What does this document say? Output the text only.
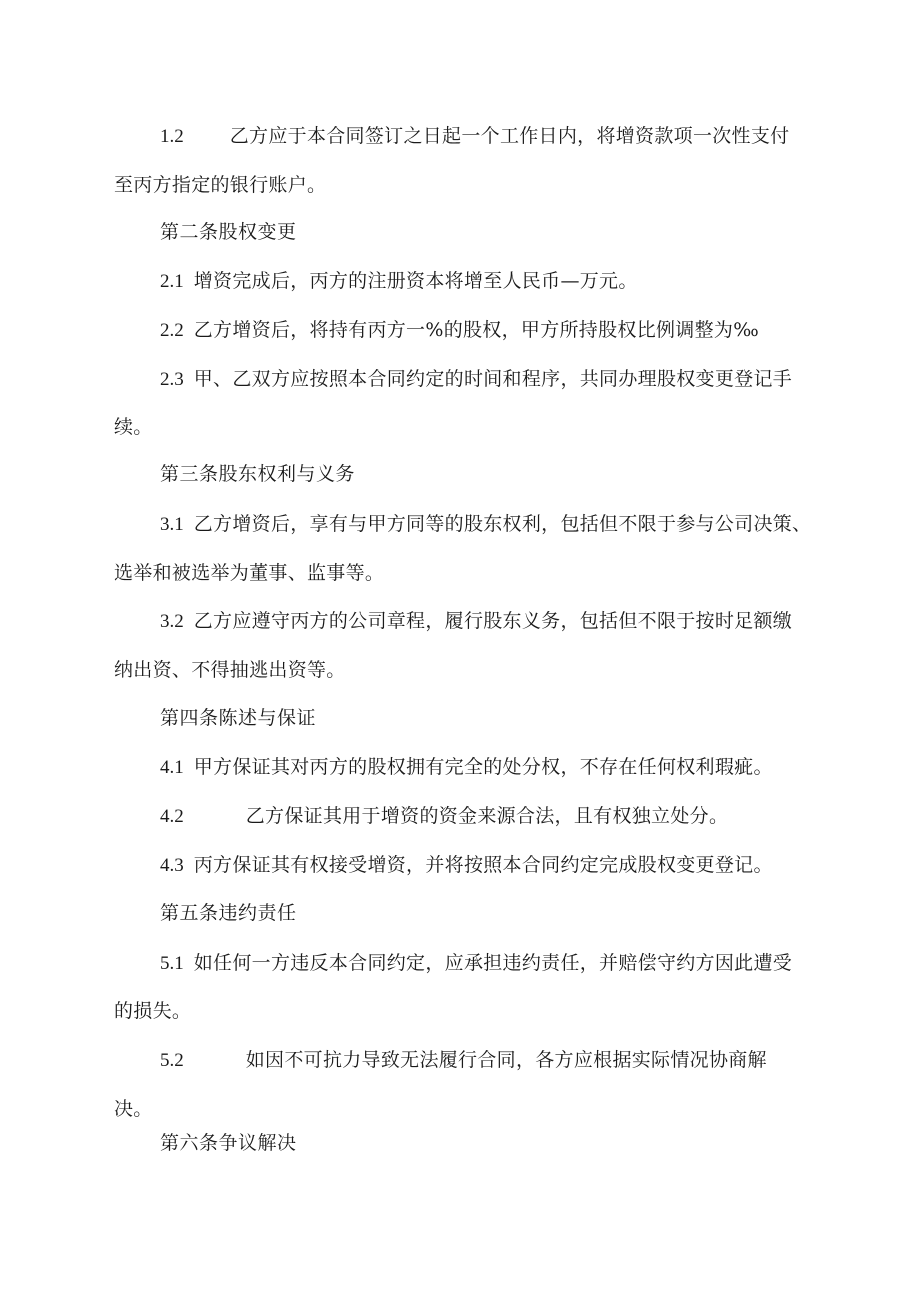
1.2 乙方应于本合同签订之日起一个工作日内，将增资款项一次性支付
至丙方指定的银行账户。
第二条股权变更
2.1 增资完成后，丙方的注册资本将增至人民币—万元。
2.2 乙方增资后，将持有丙方一%的股权，甲方所持股权比例调整为‰
2.3 甲、乙双方应按照本合同约定的时间和程序，共同办理股权变更登记手
续。
第三条股东权利与义务
3.1 乙方增资后，享有与甲方同等的股东权利，包括但不限于参与公司决策、
选举和被选举为董事、监事等。
3.2 乙方应遵守丙方的公司章程，履行股东义务，包括但不限于按时足额缴
纳出资、不得抽逃出资等。
第四条陈述与保证
4.1 甲方保证其对丙方的股权拥有完全的处分权，不存在任何权利瑕疵。
4.2	乙方保证其用于增资的资金来源合法，且有权独立处分。
4.3 丙方保证其有权接受增资，并将按照本合同约定完成股权变更登记。
第五条违约责任
5.1 如任何一方违反本合同约定，应承担违约责任，并赔偿守约方因此遭受
的损失。
5.2	如因不可抗力导致无法履行合同，各方应根据实际情况协商解
决。
第六条争议解决
